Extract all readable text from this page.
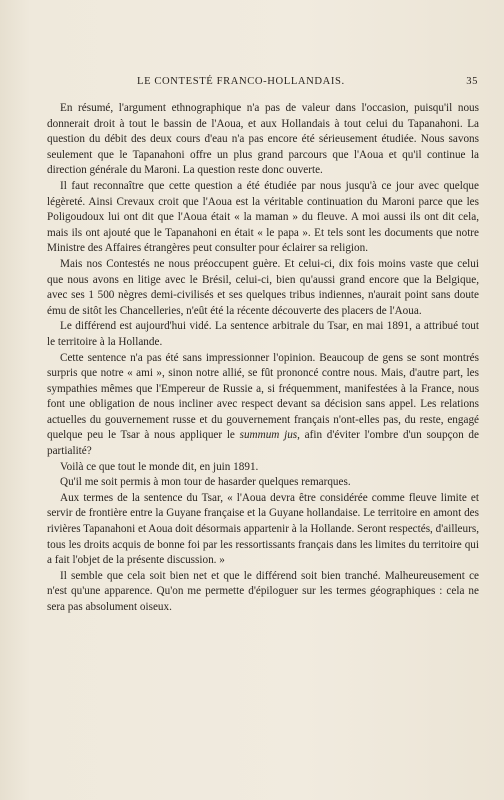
LE CONTESTÉ FRANCO-HOLLANDAIS.	35

En résumé, l'argument ethnographique n'a pas de valeur dans l'occasion, puisqu'il nous donnerait droit à tout le bassin de l'Aoua, et aux Hollandais à tout celui du Tapanahoni. La question du débit des deux cours d'eau n'a pas encore été sérieusement étudiée. Nous savons seulement que le Tapanahoni offre un plus grand parcours que l'Aoua et qu'il continue la direction générale du Maroni. La question reste donc ouverte.

Il faut reconnaître que cette question a été étudiée par nous jusqu'à ce jour avec quelque légèreté. Ainsi Crevaux croit que l'Aoua est la véritable continuation du Maroni parce que les Poligoudoux lui ont dit que l'Aoua était « la maman » du fleuve. A moi aussi ils ont dit cela, mais ils ont ajouté que le Tapanahoni en était « le papa ». Et tels sont les documents que notre Ministre des Affaires étrangères peut consulter pour éclairer sa religion.

Mais nos Contestés ne nous préoccupent guère. Et celui-ci, dix fois moins vaste que celui que nous avons en litige avec le Brésil, celui-ci, bien qu'aussi grand encore que la Belgique, avec ses 1 500 nègres demi-civilisés et ses quelques tribus indiennes, n'aurait point sans doute ému de sitôt les Chancelleries, n'eût été la récente découverte des placers de l'Aoua.

Le différend est aujourd'hui vidé. La sentence arbitrale du Tsar, en mai 1891, a attribué tout le territoire à la Hollande.

Cette sentence n'a pas été sans impressionner l'opinion. Beaucoup de gens se sont montrés surpris que notre « ami », sinon notre allié, se fût prononcé contre nous. Mais, d'autre part, les sympathies mêmes que l'Empereur de Russie a, si fréquemment, manifestées à la France, nous font une obligation de nous incliner avec respect devant sa décision sans appel. Les relations actuelles du gouvernement russe et du gouvernement français n'ont-elles pas, du reste, engagé quelque peu le Tsar à nous appliquer le summum jus, afin d'éviter l'ombre d'un soupçon de partialité?

Voilà ce que tout le monde dit, en juin 1891.

Qu'il me soit permis à mon tour de hasarder quelques remarques.

Aux termes de la sentence du Tsar, « l'Aoua devra être considérée comme fleuve limite et servir de frontière entre la Guyane française et la Guyane hollandaise. Le territoire en amont des rivières Tapanahoni et Aoua doit désormais appartenir à la Hollande. Seront respectés, d'ailleurs, tous les droits acquis de bonne foi par les ressortissants français dans les limites du territoire qui a fait l'objet de la présente discussion. »

Il semble que cela soit bien net et que le différend soit bien tranché. Malheureusement ce n'est qu'une apparence. Qu'on me permette d'épiloguer sur les termes géographiques : cela ne sera pas absolument oiseux.
